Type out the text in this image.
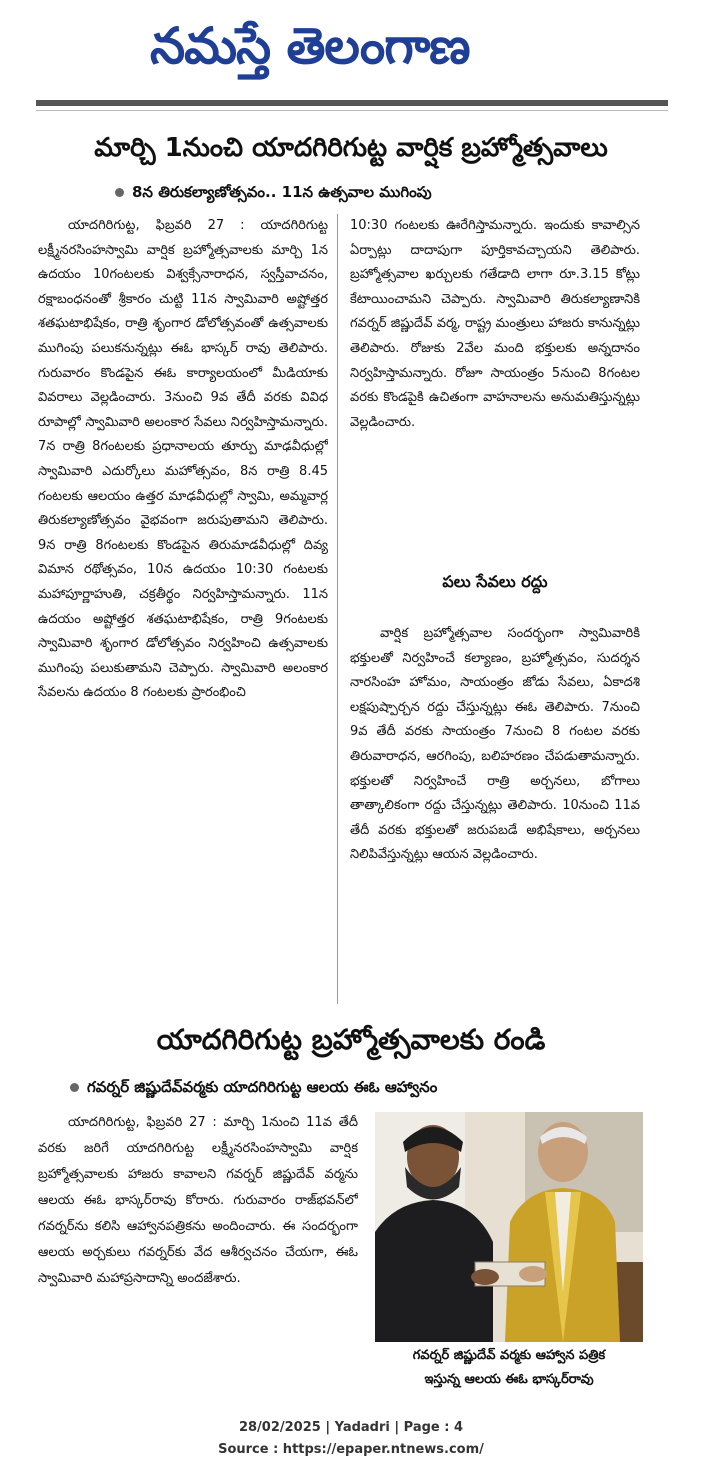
నమస్తే తెలంగాణ
మార్చి 1నుంచి యాదగిరిగుట్ట వార్షిక బ్రహ్మోత్సవాలు
8న తిరుకల్యాణోత్సవం.. 11న ఉత్సవాల ముగింపు

యాదగిరిగుట్ట, ఫిబ్రవరి 27 : యాదగిరిగుట్ట లక్ష్మీనరసింహస్వామి వార్షిక బ్రహ్మోత్సవాలకు మార్చి 1న ఉదయం 10గంటలకు విశ్వక్సేనారాధన, స్వస్తీవాచనం, రక్షాబంధనంతో శ్రీకారం చుట్టి 11న స్వామివారి అష్టోత్తర శతఘటాభిషేకం, రాత్రి శృంగార డోలోత్సవంతో ఉత్సవాలకు ముగింపు పలుకనున్నట్లు ఈఓ భాస్కర్ రావు తెలిపారు. గురువారం కొండపైన ఈఓ కార్యాలయంలో మీడియాకు వివరాలు వెల్లడించారు. 3నుంచి 9వ తేదీ వరకు వివిధ రూపాల్లో స్వామివారి అలంకార సేవలు నిర్వహిస్తామన్నారు. 7న రాత్రి 8గంటలకు ప్రధానాలయ తూర్పు మాఢవీధుల్లో స్వామివారి ఎదుర్కోలు మహోత్సవం, 8న రాత్రి 8.45 గంటలకు ఆలయం ఉత్తర మాఢవీధుల్లో స్వామి, అమ్మవార్ల తిరుకల్యాణోత్సవం వైభవంగా జరుపుతామని తెలిపారు. 9న రాత్రి 8గంటలకు కొండపైన తిరుమాడవీధుల్లో దివ్య విమాన రథోత్సవం, 10న ఉదయం 10:30 గంటలకు మహాపూర్ణాహుతి, చక్రతీర్థం నిర్వహిస్తామన్నారు. 11న ఉదయం అష్టోత్తర శతఘటాభిషేకం, రాత్రి 9గంటలకు స్వామివారి శృంగార డోలోత్సవం నిర్వహించి ఉత్సవాలకు ముగింపు పలుకుతామని చెప్పారు. స్వామివారి అలంకార సేవలను ఉదయం 8 గంటలకు ప్రారంభించి

10:30 గంటలకు ఊరేగిస్తామన్నారు. ఇందుకు కావాల్సిన ఏర్పాట్లు దాదాపుగా పూర్తికావచ్చాయని తెలిపారు. బ్రహ్మోత్సవాల ఖర్చులకు గతేడాది లాగా రూ.3.15 కోట్లు కేటాయించామని చెప్పారు. స్వామివారి తిరుకల్యాణానికి గవర్నర్ జిష్ణుదేవ్ వర్మ, రాష్ట్ర మంత్రులు హాజరు కానున్నట్లు తెలిపారు. రోజుకు 2వేల మంది భక్తులకు అన్నదానం నిర్వహిస్తామన్నారు. రోజూ సాయంత్రం 5నుంచి 8గంటల వరకు కొండపైకి ఉచితంగా వాహనాలను అనుమతిస్తున్నట్లు వెల్లడించారు.

పలు సేవలు రద్దు

వార్షిక బ్రహ్మోత్సవాల సందర్భంగా స్వామివారికి భక్తులతో నిర్వహించే కల్యాణం, బ్రహ్మోత్సవం, సుదర్శన నారసింహ హోమం, సాయంత్రం జోడు సేవలు, ఏకాదశి లక్షపుష్పార్చన రద్దు చేస్తున్నట్లు ఈఓ తెలిపారు. 7నుంచి 9వ తేదీ వరకు సాయంత్రం 7నుంచి 8 గంటల వరకు తిరువారాధన, ఆరగింపు, బలిహరణం చేపడుతామన్నారు. భక్తులతో నిర్వహించే రాత్రి అర్చనలు, బోగాలు తాత్కాలికంగా రద్దు చేస్తున్నట్లు తెలిపారు. 10నుంచి 11వ తేదీ వరకు భక్తులతో జరుపబడే అభిషేకాలు, అర్చనలు నిలిపివేస్తున్నట్లు ఆయన వెల్లడించారు.

యాదగిరిగుట్ట బ్రహ్మోత్సవాలకు రండి
గవర్నర్ జిష్ణుదేవ్‌వర్మకు యాదగిరిగుట్ట ఆలయ ఈఓ ఆహ్వానం

యాదగిరిగుట్ట, ఫిబ్రవరి 27 : మార్చి 1నుంచి 11వ తేదీ వరకు జరిగే యాదగిరిగుట్ట లక్ష్మీనరసింహస్వామి వార్షిక బ్రహ్మోత్సవాలకు హాజరు కావాలని గవర్నర్ జిష్ణుదేవ్ వర్మను ఆలయ ఈఓ భాస్కర్‌రావు కోరారు. గురువారం రాజ్‌భవన్‌లో గవర్నర్‌ను కలిసి ఆహ్వానపత్రికను అందించారు. ఈ సందర్భంగా ఆలయ అర్చకులు గవర్నర్‌కు వేద ఆశీర్వచనం చేయగా, ఈఓ స్వామివారి మహాప్రసాదాన్ని అందజేశారు.

గవర్నర్ జిష్ణుదేవ్ వర్మకు ఆహ్వాన పత్రిక
ఇస్తున్న ఆలయ ఈఓ భాస్కర్‌రావు
28/02/2025 | Yadadri | Page : 4
Source : https://epaper.ntnews.com/
